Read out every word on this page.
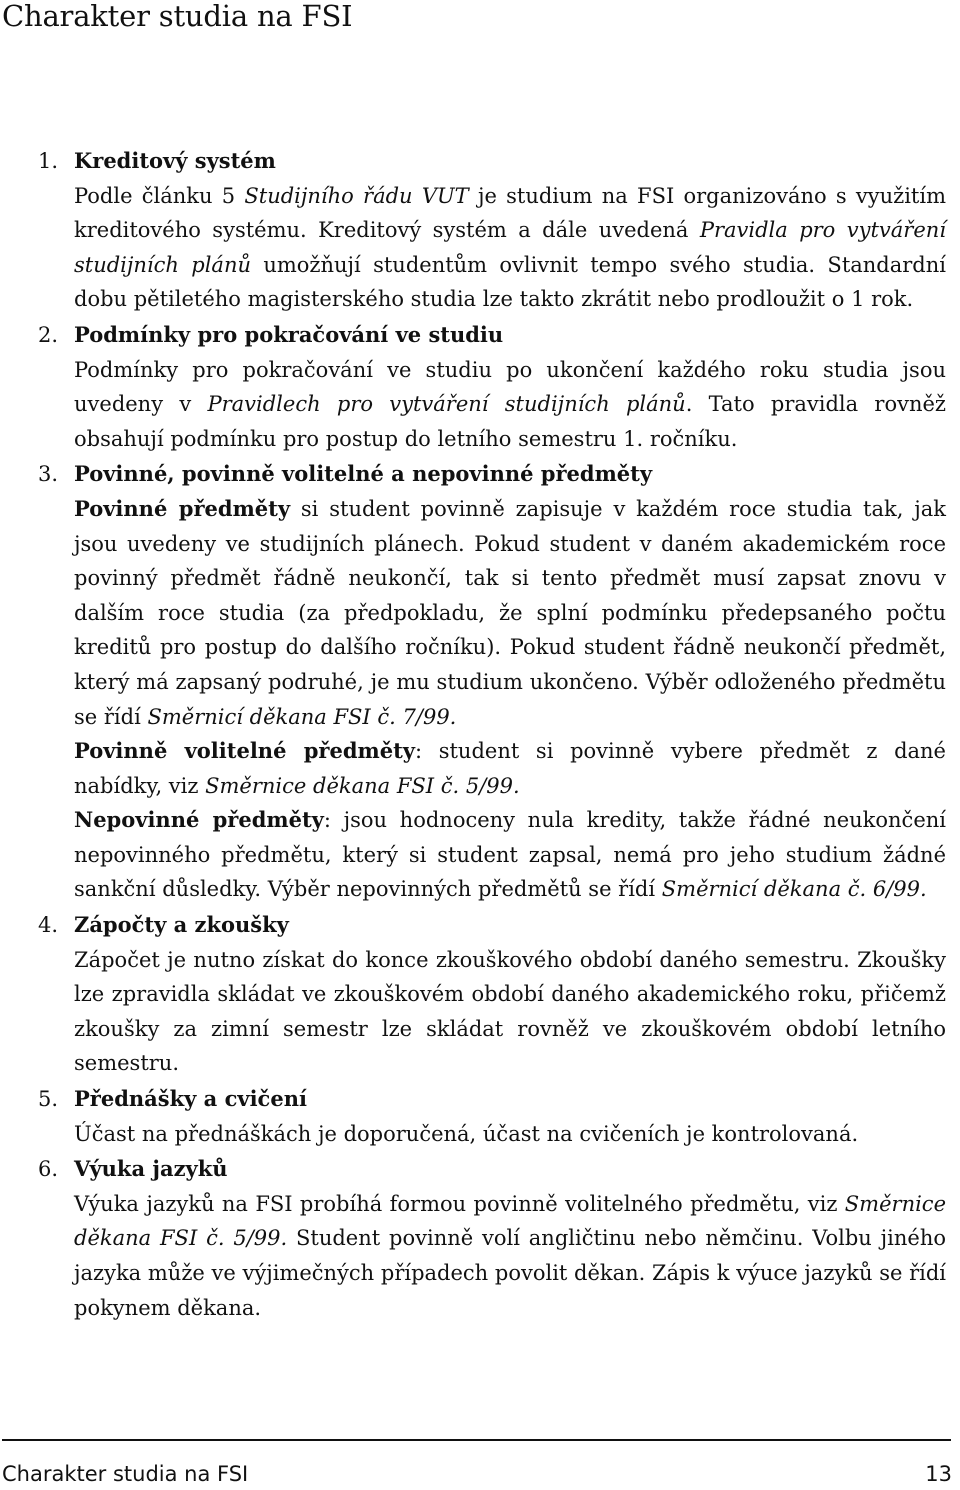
Charakter studia na FSI
1. Kreditový systém
Podle článku 5 Studijního řádu VUT je studium na FSI organizováno s využitím kreditového systému. Kreditový systém a dále uvedená Pravidla pro vytváření studijních plánů umožňují studentům ovlivnit tempo svého studia. Standardní dobu pětiletého magisterského studia lze takto zkrátit nebo prodloužit o 1 rok.
2. Podmínky pro pokračování ve studiu
Podmínky pro pokračování ve studiu po ukončení každého roku studia jsou uvedeny v Pravidlech pro vytváření studijních plánů. Tato pravidla rovněž obsahují podmínku pro postup do letního semestru 1. ročníku.
3. Povinné, povinně volitelné a nepovinné předměty
Povinné předměty si student povinně zapisuje v každém roce studia tak, jak jsou uvedeny ve studijních plánech. Pokud student v daném akademickém roce povinný předmět řádně neukončí, tak si tento předmět musí zapsat znovu v dalším roce studia (za předpokladu, že splní podmínku předepsaného počtu kreditů pro postup do dalšího ročníku). Pokud student řádně neukončí předmět, který má zapsaný podruhé, je mu studium ukončeno. Výběr odloženého předmětu se řídí Směrnicí děkana FSI č. 7/99.
Povinně volitelné předměty: student si povinně vybere předmět z dané nabídky, viz Směrnice děkana FSI č. 5/99.
Nepovinné předměty: jsou hodnoceny nula kredity, takže řádné neukončení nepovinného předmětu, který si student zapsal, nemá pro jeho studium žádné sankční důsledky. Výběr nepovinných předmětů se řídí Směrnicí děkana č. 6/99.
4. Zápočty a zkoušky
Zápočet je nutno získat do konce zkouškového období daného semestru. Zkoušky lze zpravidla skládat ve zkouškovém období daného akademického roku, přičemž zkoušky za zimní semestr lze skládat rovněž ve zkouškovém období letního semestru.
5. Přednášky a cvičení
Účast na přednáškách je doporučená, účast na cvičeních je kontrolovaná.
6. Výuka jazyků
Výuka jazyků na FSI probíhá formou povinně volitelného předmětu, viz Směrnice děkana FSI č. 5/99. Student povinně volí angličtinu nebo němčinu. Volbu jiného jazyka může ve výjimečných případech povolit děkan. Zápis k výuce jazyků se řídí pokynem děkana.
Charakter studia na FSI	13
